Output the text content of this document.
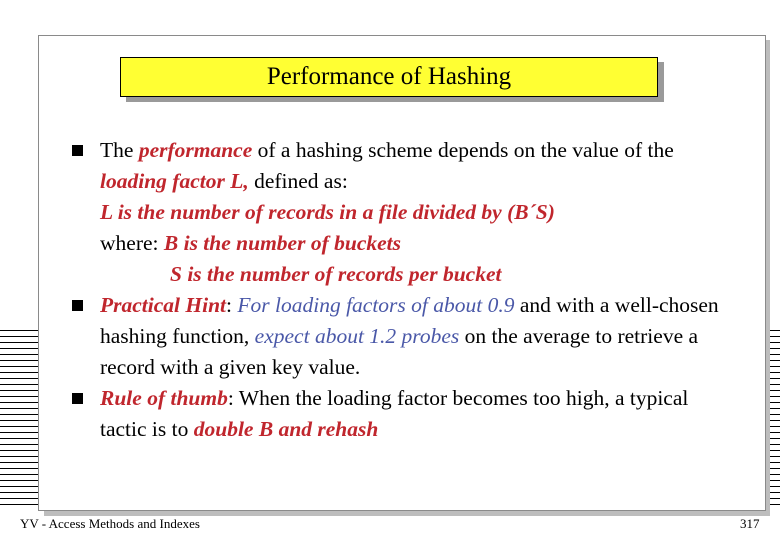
Performance of Hashing
The performance of a hashing scheme depends on the value of the loading factor L, defined as:
L is the number of records in a file divided by (B´S)
where: B is the number of buckets

S is the number of records per bucket
Practical Hint: For loading factors of about 0.9 and with a well-chosen hashing function, expect about 1.2 probes on the average to retrieve a record with a given key value.
Rule of thumb: When the loading factor becomes too high, a typical tactic is to double B and rehash
YV - Access Methods and Indexes	317
